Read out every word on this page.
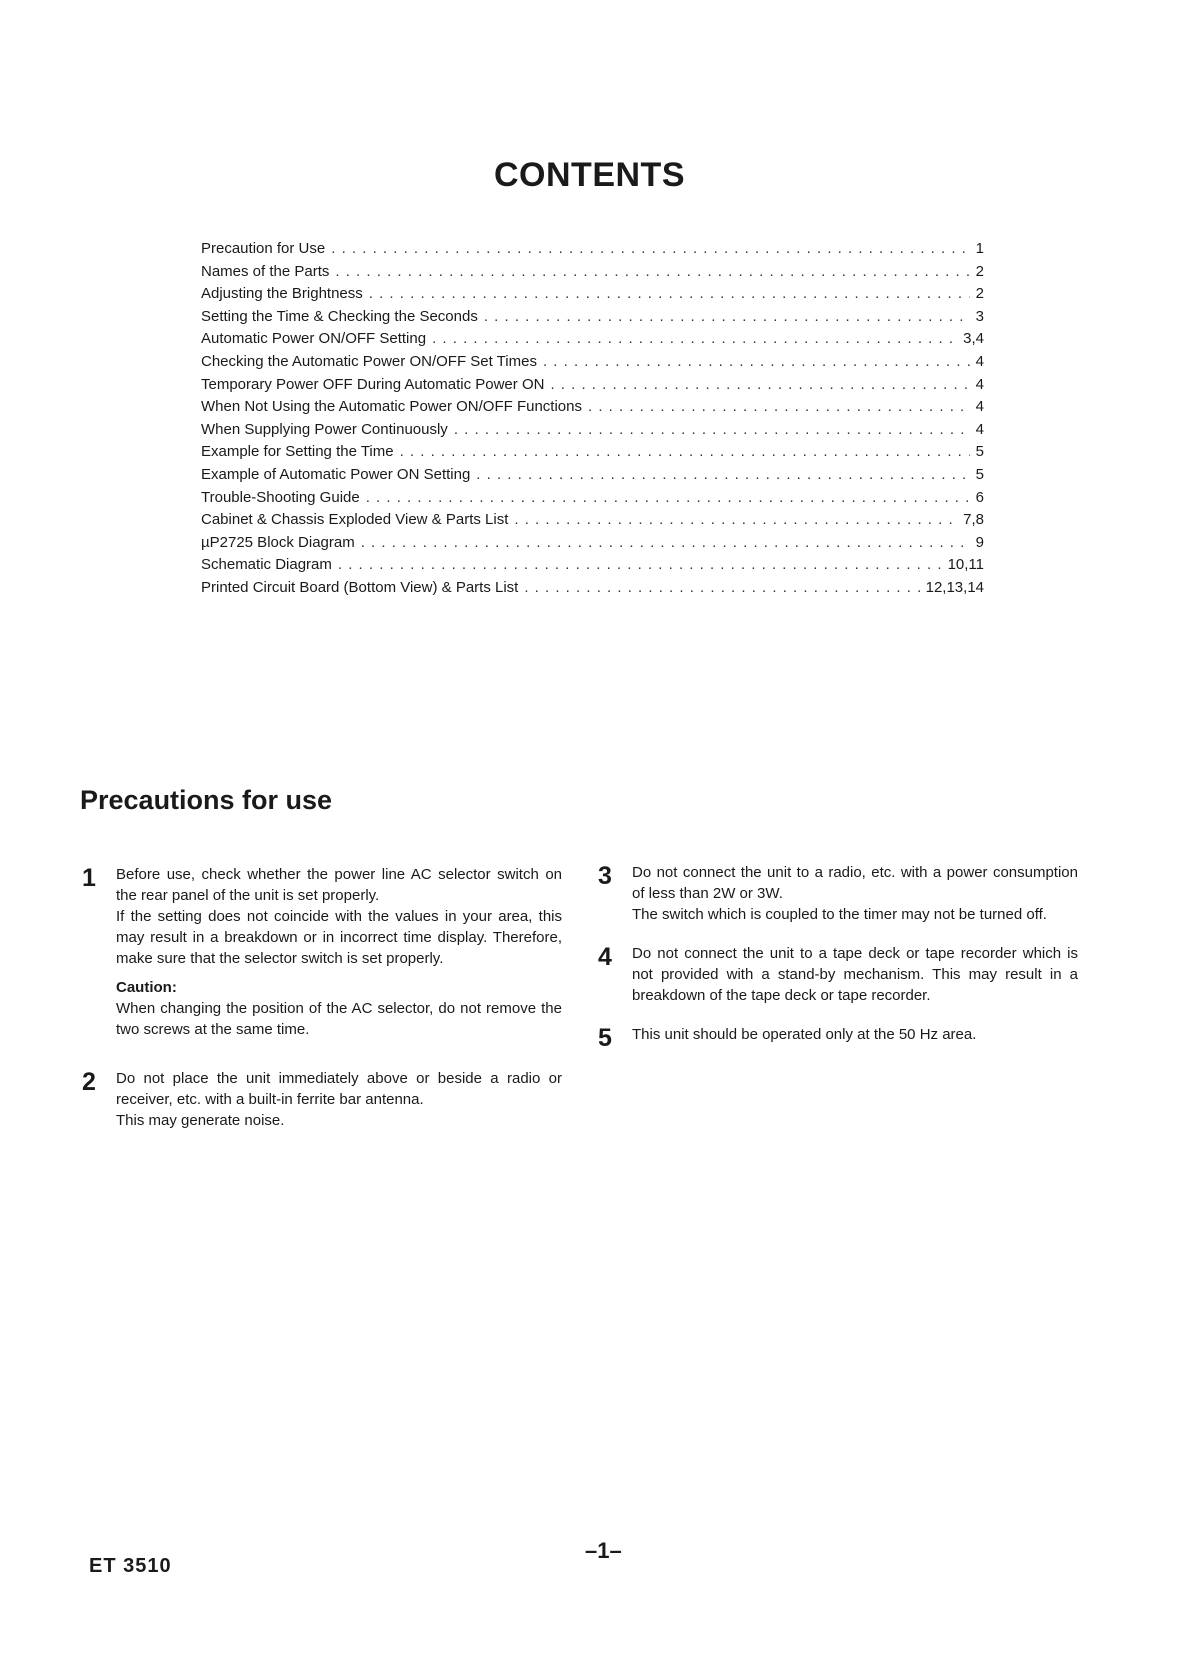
CONTENTS
Precaution for Use . . .	1
Names of the Parts . . .	2
Adjusting the Brightness . . .	2
Setting the Time & Checking the Seconds . . .	3
Automatic Power ON/OFF Setting . . .	3,4
Checking the Automatic Power ON/OFF Set Times . . .	4
Temporary Power OFF During Automatic Power ON . . .	4
When Not Using the Automatic Power ON/OFF Functions . . .	4
When Supplying Power Continuously . . .	4
Example for Setting the Time . . .	5
Example of Automatic Power ON Setting . . .	5
Trouble-Shooting Guide . . .	6
Cabinet & Chassis Exploded View & Parts List . . .	7,8
µP2725 Block Diagram . . .	9
Schematic Diagram . . .	10,11
Printed Circuit Board (Bottom View) & Parts List . . .	12,13,14
Precautions for use
1 Before use, check whether the power line AC selector switch on the rear panel of the unit is set properly.

If the setting does not coincide with the values in your area, this may result in a breakdown or in incorrect time display. Therefore, make sure that the selector switch is set properly.

Caution:

When changing the position of the AC selector, do not remove the two screws at the same time.

2 Do not place the unit immediately above or beside a radio or receiver, etc. with a built-in ferrite bar antenna.

This may generate noise.

3 Do not connect the unit to a radio, etc. with a power consumption of less than 2W or 3W.

The switch which is coupled to the timer may not be turned off.

4 Do not connect the unit to a tape deck or tape recorder which is not provided with a stand-by mechanism. This may result in a breakdown of the tape deck or tape recorder.

5 This unit should be operated only at the 50 Hz area.

ET 3510
–1–
